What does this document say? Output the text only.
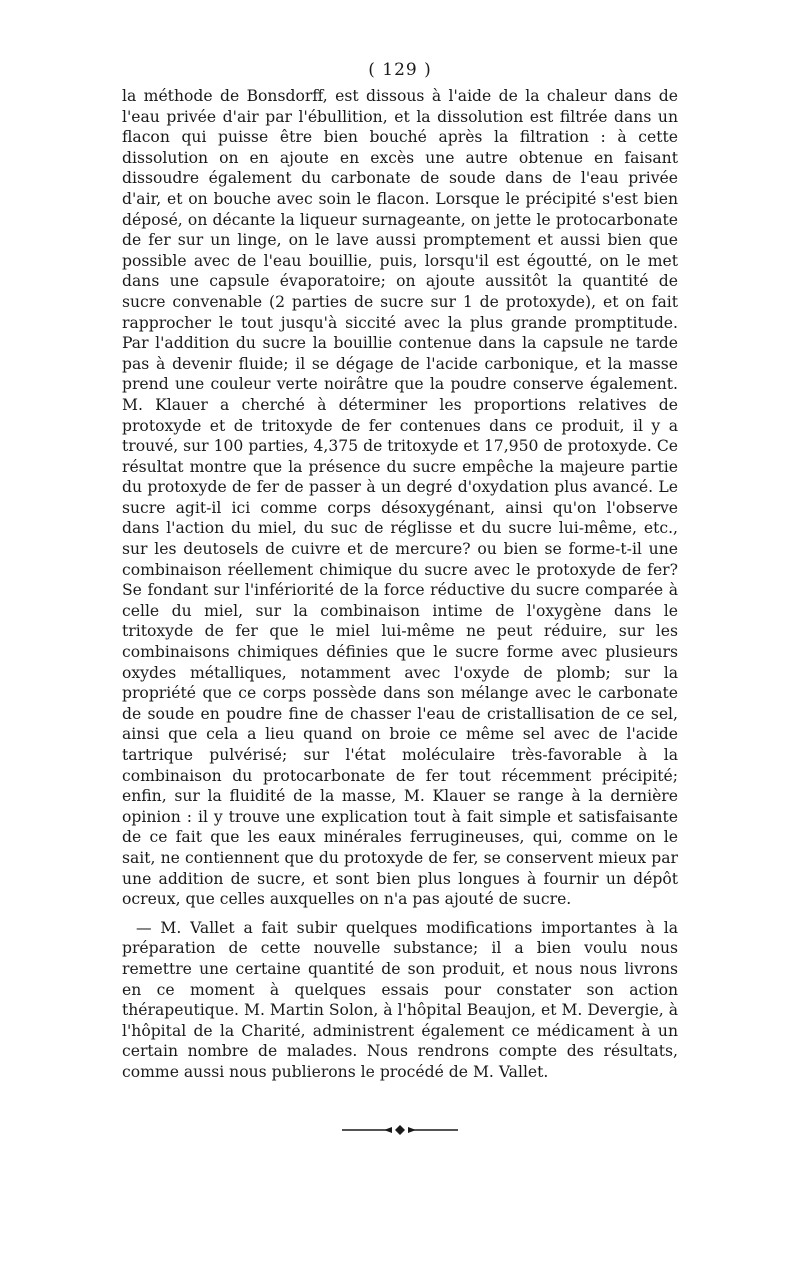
( 129 )

la méthode de Bonsdorff, est dissous à l'aide de la chaleur dans de l'eau privée d'air par l'ébullition, et la dissolution est filtrée dans un flacon qui puisse être bien bouché après la filtration : à cette dissolution on en ajoute en excès une autre obtenue en faisant dissoudre également du carbonate de soude dans de l'eau privée d'air, et on bouche avec soin le flacon. Lorsque le précipité s'est bien déposé, on décante la liqueur surnageante, on jette le protocarbonate de fer sur un linge, on le lave aussi promptement et aussi bien que possible avec de l'eau bouillie, puis, lorsqu'il est égoutté, on le met dans une capsule évaporatoire; on ajoute aussitôt la quantité de sucre convenable (2 parties de sucre sur 1 de protoxyde), et on fait rapprocher le tout jusqu'à siccité avec la plus grande promptitude. Par l'addition du sucre la bouillie contenue dans la capsule ne tarde pas à devenir fluide; il se dégage de l'acide carbonique, et la masse prend une couleur verte noirâtre que la poudre conserve également. M. Klauer a cherché à déterminer les proportions relatives de protoxyde et de tritoxyde de fer contenues dans ce produit, il y a trouvé, sur 100 parties, 4,375 de tritoxyde et 17,950 de protoxyde. Ce résultat montre que la présence du sucre empêche la majeure partie du protoxyde de fer de passer à un degré d'oxydation plus avancé. Le sucre agit-il ici comme corps désoxygénant, ainsi qu'on l'observe dans l'action du miel, du suc de réglisse et du sucre lui-même, etc., sur les deutosels de cuivre et de mercure? ou bien se forme-t-il une combinaison réellement chimique du sucre avec le protoxyde de fer? Se fondant sur l'infériorité de la force réductive du sucre comparée à celle du miel, sur la combinaison intime de l'oxygène dans le tritoxyde de fer que le miel lui-même ne peut réduire, sur les combinaisons chimiques définies que le sucre forme avec plusieurs oxydes métalliques, notamment avec l'oxyde de plomb; sur la propriété que ce corps possède dans son mélange avec le carbonate de soude en poudre fine de chasser l'eau de cristallisation de ce sel, ainsi que cela a lieu quand on broie ce même sel avec de l'acide tartrique pulvérisé; sur l'état moléculaire très-favorable à la combinaison du protocarbonate de fer tout récemment précipité; enfin, sur la fluidité de la masse, M. Klauer se range à la dernière opinion : il y trouve une explication tout à fait simple et satisfaisante de ce fait que les eaux minérales ferrugineuses, qui, comme on le sait, ne contiennent que du protoxyde de fer, se conservent mieux par une addition de sucre, et sont bien plus longues à fournir un dépôt ocreux, que celles auxquelles on n'a pas ajouté de sucre.

— M. Vallet a fait subir quelques modifications importantes à la préparation de cette nouvelle substance; il a bien voulu nous remettre une certaine quantité de son produit, et nous nous livrons en ce moment à quelques essais pour constater son action thérapeutique. M. Martin Solon, à l'hôpital Beaujon, et M. Devergie, à l'hôpital de la Charité, administrent également ce médicament à un certain nombre de malades. Nous rendrons compte des résultats, comme aussi nous publierons le procédé de M. Vallet.
